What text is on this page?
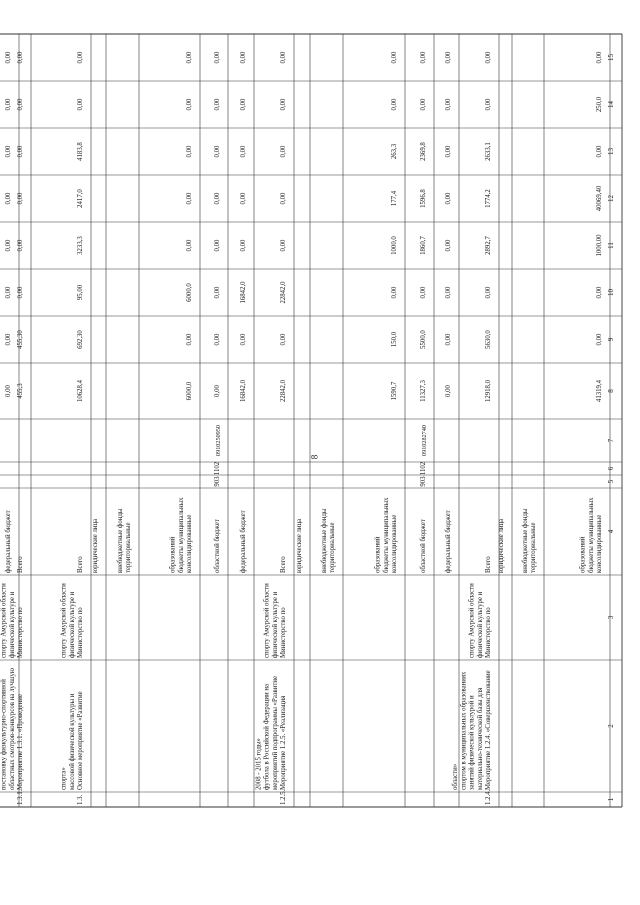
8
1
2
3
4
5
6
7
8
9
10
11
12
13
14
15
консолидированныебюджеты муниципальныхобразований
41319,4
0,00
0,00
1000,00
40069,40
0,00
250,0
0,00
территориальныевнебюджетные фонды
юридические лица
1.2.4.
Мероприятие 1.2.4. «Совершенствованиематериально-технической базы длязанятий физической культурой испортом в муниципальных образованияхобласти»
Министерство пофизической культуре испорту Амурской области
Всего
12918,0
5630,0
0,00
2892,7
1774,2
2633,1
0,00
0,00
федеральный бюджет
0,00
0,00
0,00
0,00
0,00
0,00
0,00
0,00
областной бюджет
903
1102
0910282740
11327,3
5500,0
0,00
1860,7
1596,8
2369,8
0,00
0,00
консолидированныебюджеты муниципальныхобразований
1590,7
150,0
0,00
1000,0
177,4
263,3
0,00
0,00
территориальныевнебюджетные фонды
юридические лица
1.2.5.
Мероприятие 1.2.5. «Реализациямероприятий подпрограммы «Развитиефутбола в Российской Федерации на2008 - 2015 годы»
Министерство пофизической культуре испорту Амурской области
Всего
22842,0
0,00
22842,0
0,00
0,00
0,00
0,00
0,00
федеральный бюджет
16842,0
0,00
16842,0
0,00
0,00
0,00
0,00
0,00
областной бюджет
903
1102
0910250950
0,00
0,00
0,00
0,00
0,00
0,00
0,00
0,00
консолидированныебюджеты муниципальныхобразований
6000,0
0,00
6000,0
0,00
0,00
0,00
0,00
0,00
территориальныевнебюджетные фонды
юридические лица
1.3.
Основное мероприятие «Развитиемассовой физической культуры испорта»
Министерство пофизической культуре испорту Амурской области
Всего
10628,4
692,30
95,00
3233,3
2417,0
4183,8
0,00
0,00
1.3.1.
Мероприятие 1.3.1. «Проведениеобластных смотров-конкурсов на лучшуюпостановку физкультурно-спортивной
Министерство пофизической культуре испорту Амурской области
Всего
455,3
455,30
0,00
0,00
0,00
0,00
0,00
0,00
федеральный бюджет
0,00
0,00
0,00
0,00
0,00
0,00
0,00
0,00
